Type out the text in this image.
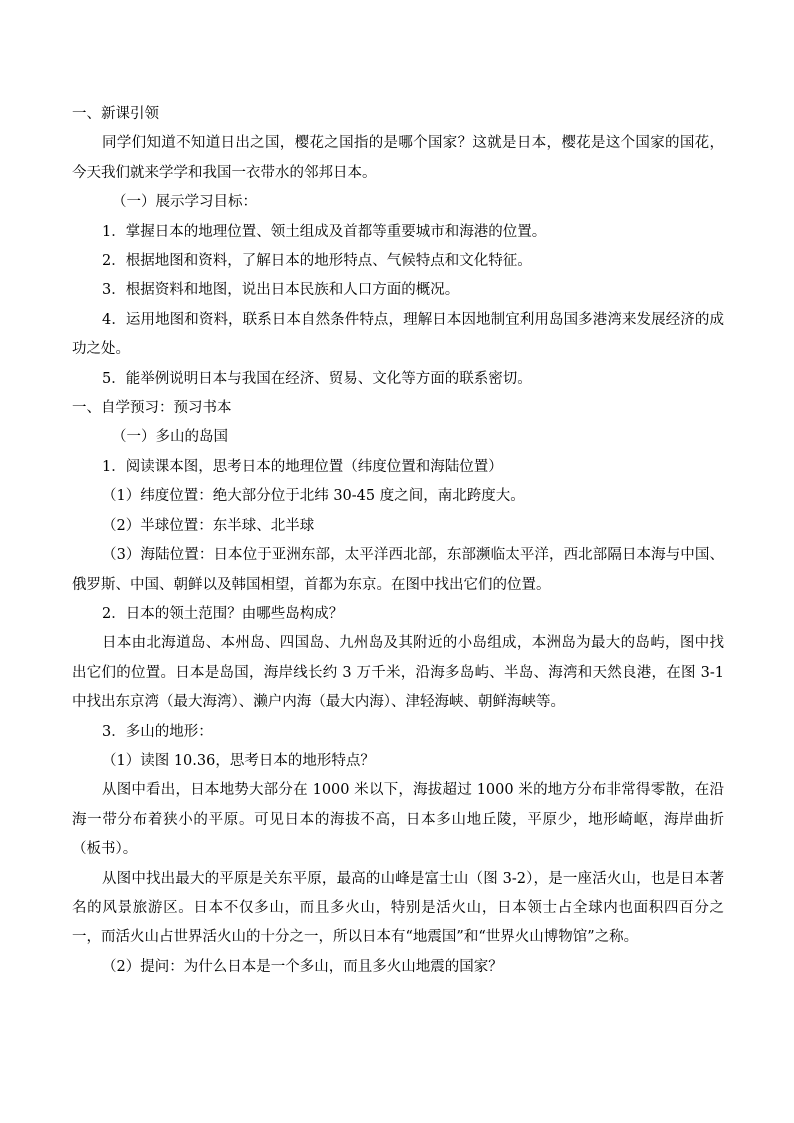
一、新课引领

同学们知道不知道日出之国，樱花之国指的是哪个国家？这就是日本，樱花是这个国家的国花，今天我们就来学学和我国一衣带水的邻邦日本。

（一）展示学习目标：

1．掌握日本的地理位置、领土组成及首都等重要城市和海港的位置。

2．根据地图和资料，了解日本的地形特点、气候特点和文化特征。

3．根据资料和地图，说出日本民族和人口方面的概况。

4．运用地图和资料，联系日本自然条件特点，理解日本因地制宜利用岛国多港湾来发展经济的成功之处。

5．能举例说明日本与我国在经济、贸易、文化等方面的联系密切。

一、自学预习：预习书本

（一）多山的岛国

1．阅读课本图，思考日本的地理位置（纬度位置和海陆位置）

（1）纬度位置：绝大部分位于北纬 30-45 度之间，南北跨度大。

（2）半球位置：东半球、北半球

（3）海陆位置：日本位于亚洲东部，太平洋西北部，东部濒临太平洋，西北部隔日本海与中国、俄罗斯、中国、朝鲜以及韩国相望，首都为东京。在图中找出它们的位置。

2．日本的领土范围？由哪些岛构成？

日本由北海道岛、本州岛、四国岛、九州岛及其附近的小岛组成，本洲岛为最大的岛屿，图中找出它们的位置。日本是岛国，海岸线长约 3 万千米，沿海多岛屿、半岛、海湾和天然良港，在图 3-1 中找出东京湾（最大海湾）、濑户内海（最大内海）、津轻海峡、朝鲜海峡等。

3．多山的地形：

（1）读图 10.36，思考日本的地形特点？

从图中看出，日本地势大部分在 1000 米以下，海拔超过 1000 米的地方分布非常得零散，在沿海一带分布着狭小的平原。可见日本的海拔不高，日本多山地丘陵，平原少，地形崎岖，海岸曲折（板书）。

从图中找出最大的平原是关东平原，最高的山峰是富士山（图 3-2），是一座活火山，也是日本著名的风景旅游区。日本不仅多山，而且多火山，特别是活火山，日本领士占全球内也面积四百分之一，而活火山占世界活火山的十分之一，所以日本有“地震国”和“世界火山博物馆”之称。

（2）提问：为什么日本是一个多山，而且多火山地震的国家？
